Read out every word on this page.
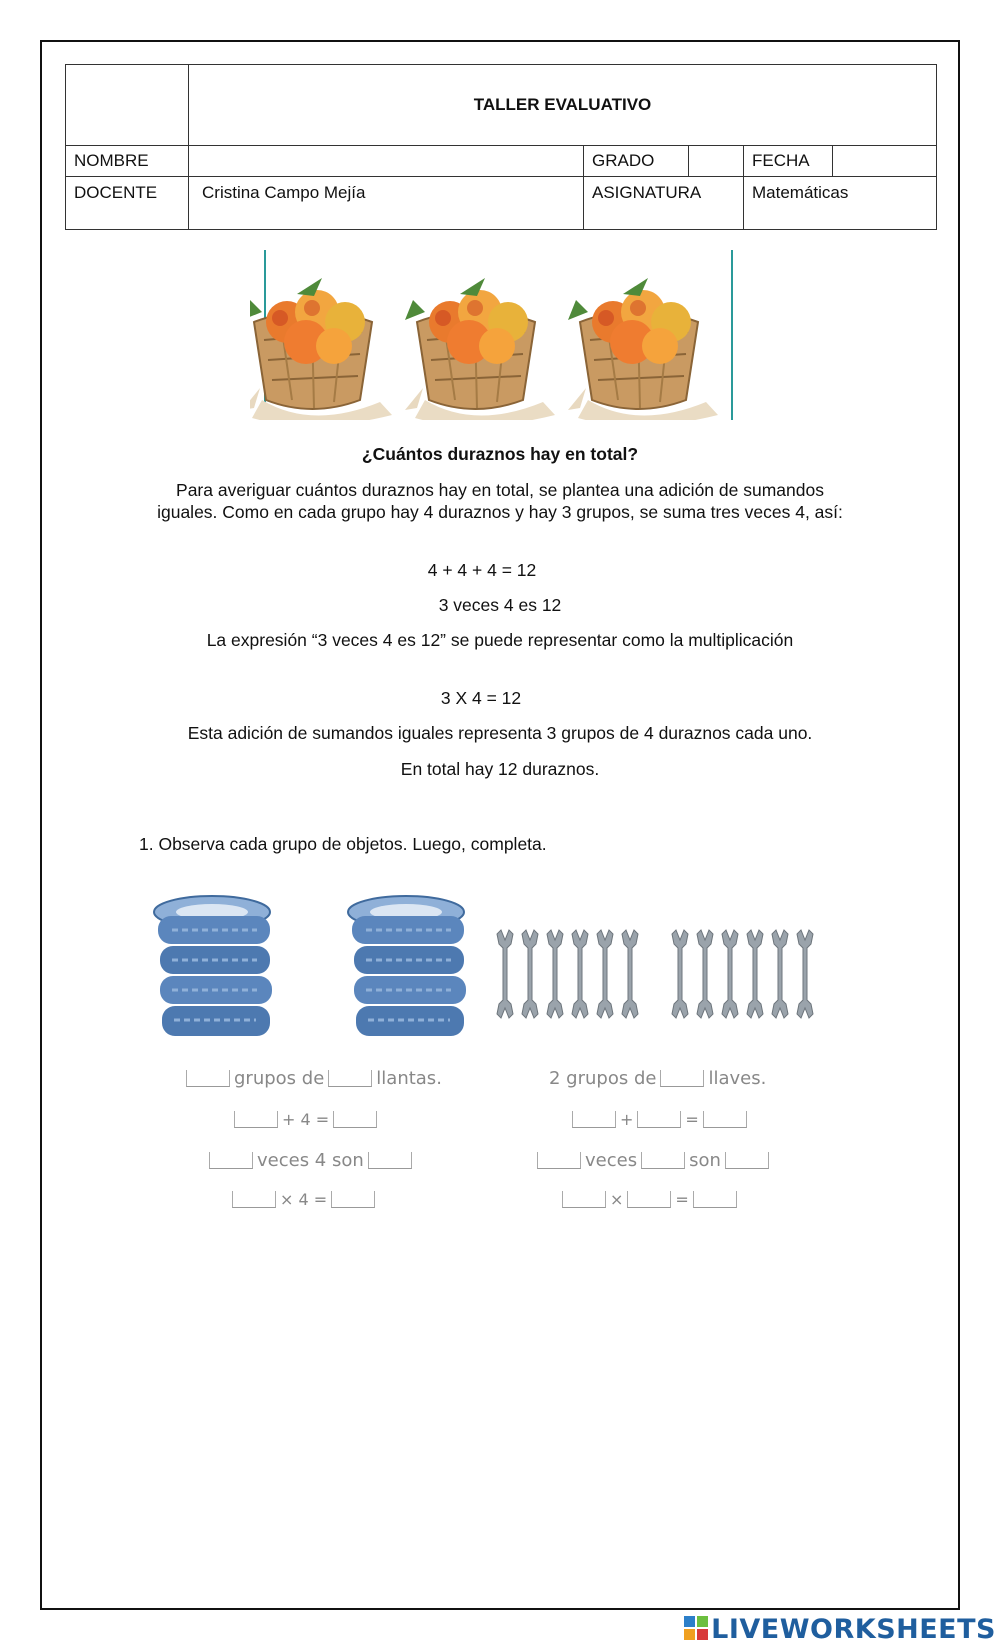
	TALLER EVALUATIVO				
NOMBRE		GRADO		FECHA	
DOCENTE	Cristina Campo Mejía	ASIGNATURA		Matemáticas	
¿Cuántos duraznos hay en total?
Para averiguar cuántos duraznos hay en total, se plantea una adición de sumandos
iguales. Como en cada grupo hay 4 duraznos y hay 3 grupos, se suma tres veces 4, así:
4 + 4 + 4 = 12
3 veces 4 es 12
La expresión “3 veces 4 es 12” se puede representar como la multiplicación
3 X 4 = 12
Esta adición de sumandos iguales representa 3 grupos de 4 duraznos cada uno.
En total hay 12 duraznos.
1. Observa cada grupo de objetos. Luego, completa.
grupos de	llantas.
+ 4 =
veces 4 son
× 4 =
2 grupos de	llaves.
+	=
veces	son
×	=
LIVEWORKSHEETS
